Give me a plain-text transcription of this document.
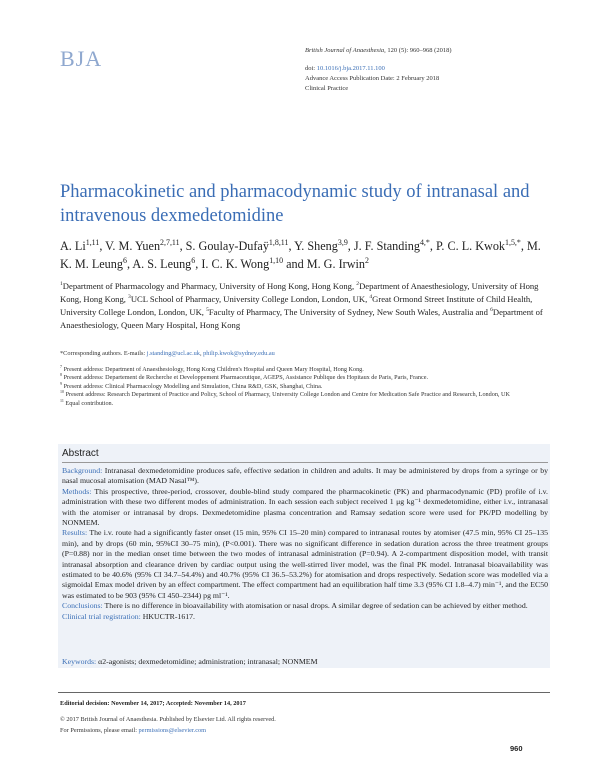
BJA	British Journal of Anaesthesia, 120 (5): 960–968 (2018)
doi: 10.1016/j.bja.2017.11.100
Advance Access Publication Date: 2 February 2018
Clinical Practice
Pharmacokinetic and pharmacodynamic study of intranasal and intravenous dexmedetomidine
A. Li$^{1,11}$, V. M. Yuen$^{2,7,11}$, S. Goulay-Dufaÿ$^{1,8,11}$, Y. Sheng$^{3,9}$, J. F. Standing$^{4,*}$, P. C. L. Kwok$^{1,5,*}$, M. K. M. Leung$^6$, A. S. Leung$^6$, I. C. K. Wong$^{1,10}$ and M. G. Irwin$^2$
$^1$Department of Pharmacology and Pharmacy, University of Hong Kong, Hong Kong, $^2$Department of Anaesthesiology, University of Hong Kong, Hong Kong, $^3$UCL School of Pharmacy, University College London, London, UK, $^4$Great Ormond Street Institute of Child Health, University College London, London, UK, $^5$Faculty of Pharmacy, The University of Sydney, New South Wales, Australia and $^6$Department of Anaesthesiology, Queen Mary Hospital, Hong Kong
*Corresponding authors. E-mails: j.standing@ucl.ac.uk, philip.kwok@sydney.edu.au
$^7$ Present address: Department of Anaesthesiology, Hong Kong Children's Hospital and Queen Mary Hospital, Hong Kong.
$^8$ Present address: Departement de Recherche et Developpement Pharmaceutique, AGEPS, Assistance Publique des Hopitaux de Paris, Paris, France.
$^9$ Present address: Clinical Pharmacology Modelling and Simulation, China R&D, GSK, Shanghai, China.
$^{10}$ Present address: Research Department of Practice and Policy, School of Pharmacy, University College London and Centre for Medication Safe Practice and Research, London, UK
$^{11}$ Equal contribution.
Abstract

Background: Intranasal dexmedetomidine produces safe, effective sedation in children and adults. It may be administered by drops from a syringe or by nasal mucosal atomisation (MAD Nasal™).

Methods: This prospective, three-period, crossover, double-blind study compared the pharmacokinetic (PK) and pharmacodynamic (PD) profile of i.v. administration with these two different modes of administration. In each session each subject received 1 μg kg⁻¹ dexmedetomidine, either i.v., intranasal with the atomiser or intranasal by drops. Dexmedetomidine plasma concentration and Ramsay sedation score were used for PK/PD modelling by NONMEM.

Results: The i.v. route had a significantly faster onset (15 min, 95% CI 15–20 min) compared to intranasal routes by atomiser (47.5 min, 95% CI 25–135 min), and by drops (60 min, 95%CI 30–75 min), (P<0.001). There was no significant difference in sedation duration across the three treatment groups (P=0.88) nor in the median onset time between the two modes of intranasal administration (P=0.94). A 2-compartment disposition model, with transit intranasal absorption and clearance driven by cardiac output using the well-stirred liver model, was the final PK model. Intranasal bioavailability was estimated to be 40.6% (95% CI 34.7–54.4%) and 40.7% (95% CI 36.5–53.2%) for atomisation and drops respectively. Sedation score was modelled via a sigmoidal Emax model driven by an effect compartment. The effect compartment had an equilibration half time 3.3 (95% CI 1.8–4.7) min⁻¹, and the EC50 was estimated to be 903 (95% CI 450–2344) pg ml⁻¹.

Conclusions: There is no difference in bioavailability with atomisation or nasal drops. A similar degree of sedation can be achieved by either method.

Clinical trial registration: HKUCTR-1617.

Keywords: α2-agonists; dexmedetomidine; administration; intranasal; NONMEM
Editorial decision: November 14, 2017; Accepted: November 14, 2017
© 2017 British Journal of Anaesthesia. Published by Elsevier Ltd. All rights reserved.
For Permissions, please email: permissions@elsevier.com
960
